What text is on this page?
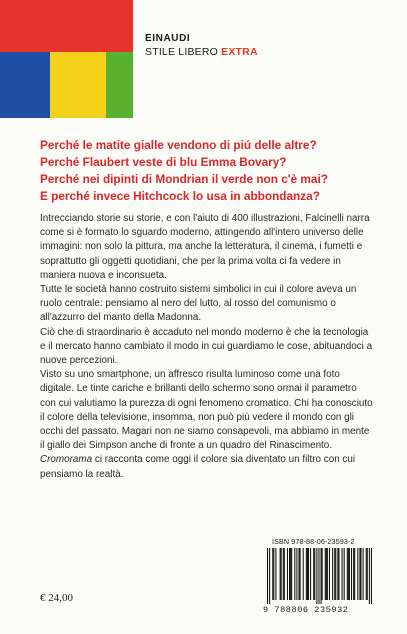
EINAUDI
STILE LIBERO EXTRA
Perché le matite gialle vendono di piú delle altre?
Perché Flaubert veste di blu Emma Bovary?
Perché nei dipinti di Mondrian il verde non c'è mai?
E perché invece Hitchcock lo usa in abbondanza?

Intrecciando storie su storie, e con l'aiuto di 400 illustrazioni, Falcinelli narra come si è formato lo sguardo moderno, attingendo all'intero universo delle immagini: non solo la pittura, ma anche la letteratura, il cinema, i fumetti e soprattutto gli oggetti quotidiani, che per la prima volta ci fa vedere in maniera nuova e inconsueta.

Tutte le società hanno costruito sistemi simbolici in cui il colore aveva un ruolo centrale: pensiamo al nero del lutto, al rosso del comunismo o all'azzurro del manto della Madonna.

Ciò che di straordinario è accaduto nel mondo moderno è che la tecnologia e il mercato hanno cambiato il modo in cui guardiamo le cose, abituandoci a nuove percezioni.

Visto su uno smartphone, un affresco risulta luminoso come una foto digitale. Le tinte cariche e brillanti dello schermo sono ormai il parametro con cui valutiamo la purezza di ogni fenomeno cromatico. Chi ha conosciuto il colore della televisione, insomma, non può più vedere il mondo con gli occhi del passato. Magari non ne siamo consapevoli, ma abbiamo in mente il giallo dei Simpson anche di fronte a un quadro del Rinascimento. Cromorama ci racconta come oggi il colore sia diventato un filtro con cui pensiamo la realtà.

ISBN 978-88-06-23593-2
9 788806 235932
€ 24,00
